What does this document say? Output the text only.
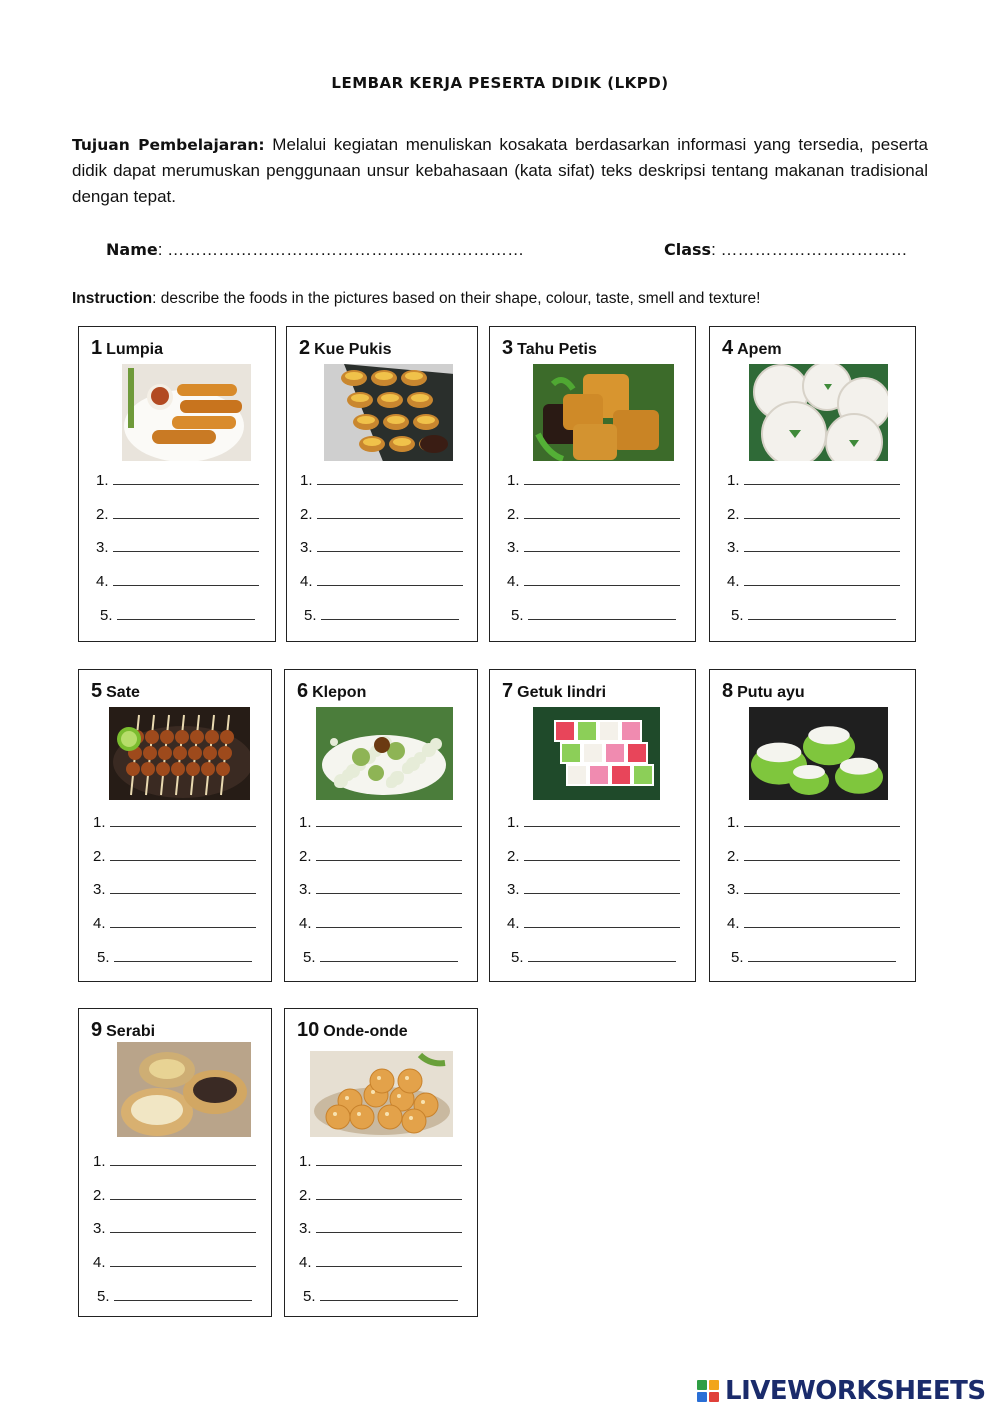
LEMBAR KERJA PESERTA DIDIK (LKPD)
Tujuan Pembelajaran: Melalui kegiatan menuliskan kosakata berdasarkan informasi yang tersedia, peserta didik dapat merumuskan penggunaan unsur kebahasaan (kata sifat) teks deskripsi tentang makanan tradisional dengan tepat.
Name: ………………………………………………………	Class: ……………………………
Instruction: describe the foods in the pictures based on their shape, colour, taste, smell and texture!
1 Lumpia
1.
2.
3.
4.
5.
2 Kue Pukis
1.
2.
3.
4.
5.
3 Tahu Petis
1.
2.
3.
4.
5.
4 Apem
1.
2.
3.
4.
5.
5 Sate
1.
2.
3.
4.
5.
6 Klepon
1.
2.
3.
4.
5.
7 Getuk lindri
1.
2.
3.
4.
5.
8 Putu ayu
1.
2.
3.
4.
5.
9 Serabi
1.
2.
3.
4.
5.
10 Onde-onde
1.
2.
3.
4.
5.
LIVEWORKSHEETS
